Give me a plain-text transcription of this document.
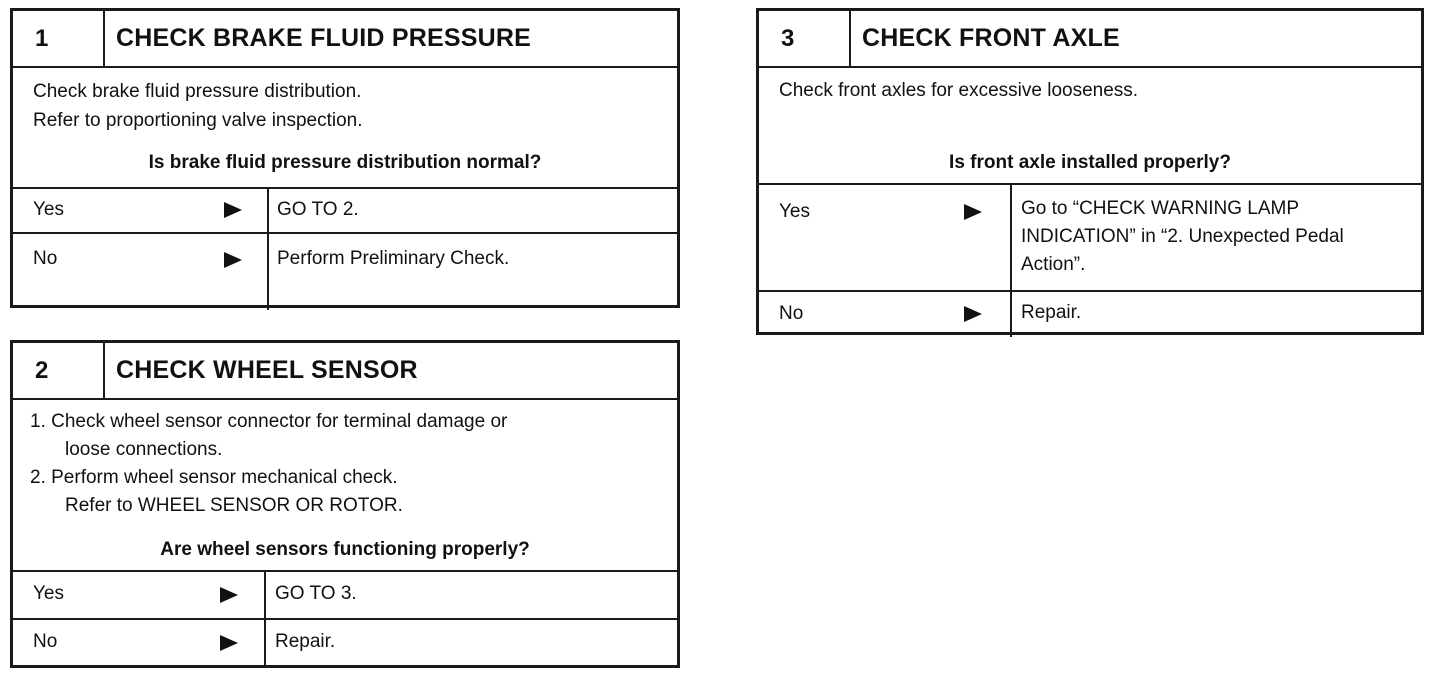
1	CHECK BRAKE FLUID PRESSURE
Check brake fluid pressure distribution.
Refer to proportioning valve inspection.
Is brake fluid pressure distribution normal?
Yes	GO TO 2.
No	Perform Preliminary Check.
2	CHECK WHEEL SENSOR
1. Check wheel sensor connector for terminal damage or
loose connections.
2. Perform wheel sensor mechanical check.
Refer to WHEEL SENSOR OR ROTOR.
Are wheel sensors functioning properly?
Yes	GO TO 3.
No	Repair.
3	CHECK FRONT AXLE
Check front axles for excessive looseness.
Is front axle installed properly?
Yes	Go to “CHECK WARNING LAMP
INDICATION” in “2. Unexpected Pedal
Action”.
No	Repair.
